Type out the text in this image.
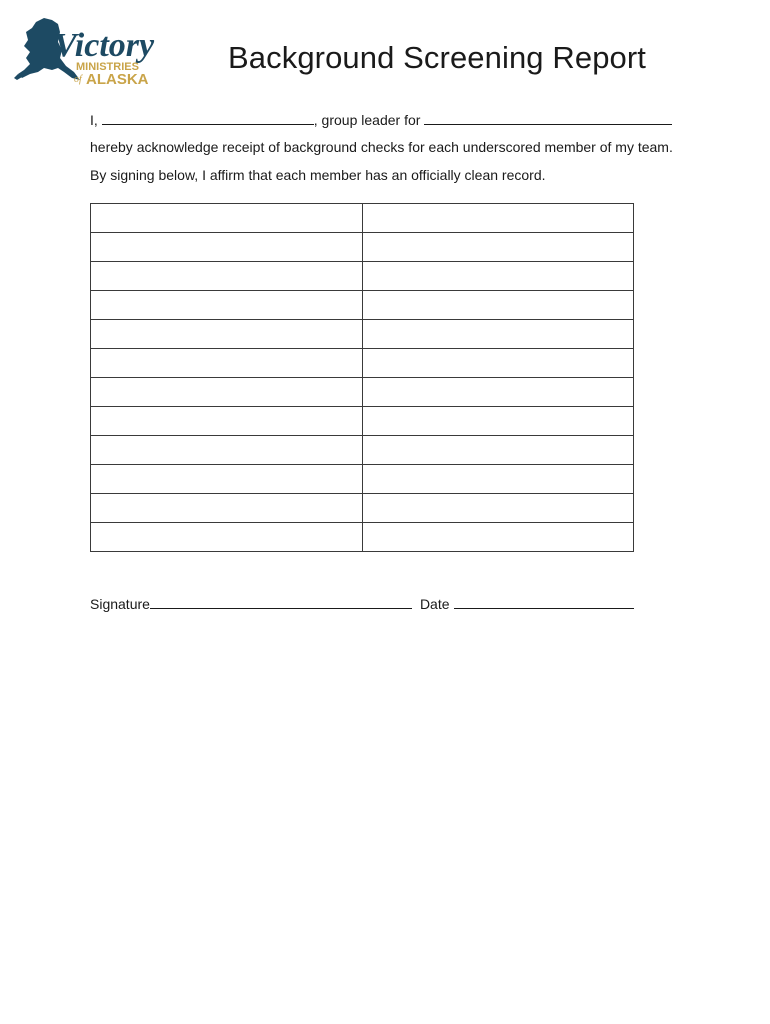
Victory
MINISTRIES
of ALASKA
Background Screening Report
I,	, group leader for
hereby acknowledge receipt of background checks for each underscored member of my team.
By signing below, I affirm that each member has an officially clean record.

Signature	Date
